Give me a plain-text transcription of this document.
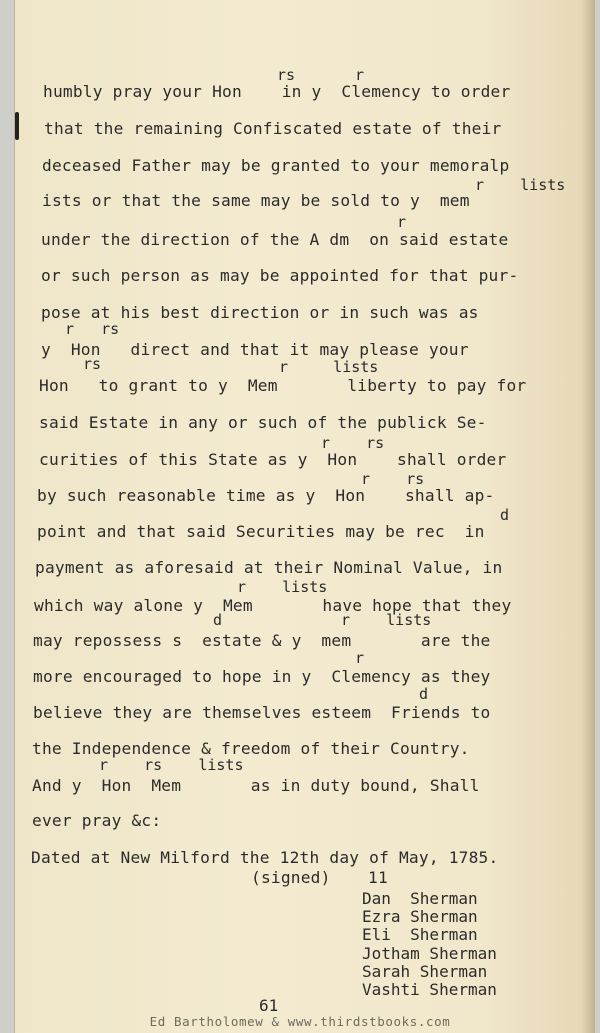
rs	r
r    lists
r
r   rs
rs	r     lists
r    rs
r    rs
d
r    lists
d	r    lists
r
d
r    rs    lists
humbly pray your Hon    in y  Clemency to order
that the remaining Confiscated estate of their
deceased Father may be granted to your memoralp
ists or that the same may be sold to y  mem
under the direction of the A dm  on said estate
or such person as may be appointed for that pur-
pose at his best direction or in such was as
y  Hon   direct and that it may please your
Hon   to grant to y  Mem       liberty to pay for
said Estate in any or such of the publick Se-
curities of this State as y  Hon    shall order
by such reasonable time as y  Hon    shall ap-
point and that said Securities may be rec  in
payment as aforesaid at their Nominal Value, in
which way alone y  Mem       have hope that they
may repossess s  estate & y  mem       are the
more encouraged to hope in y  Clemency as they
believe they are themselves esteem  Friends to
the Independence & freedom of their Country.
And y  Hon  Mem       as in duty bound, Shall
ever pray &c:
Dated at New Milford the 12th day of May, 1785.
(signed) 11
Dan  Sherman
Ezra Sherman
Eli  Sherman
Jotham Sherman
Sarah Sherman
Vashti Sherman
61
Ed Bartholomew & www.thirdstbooks.com
